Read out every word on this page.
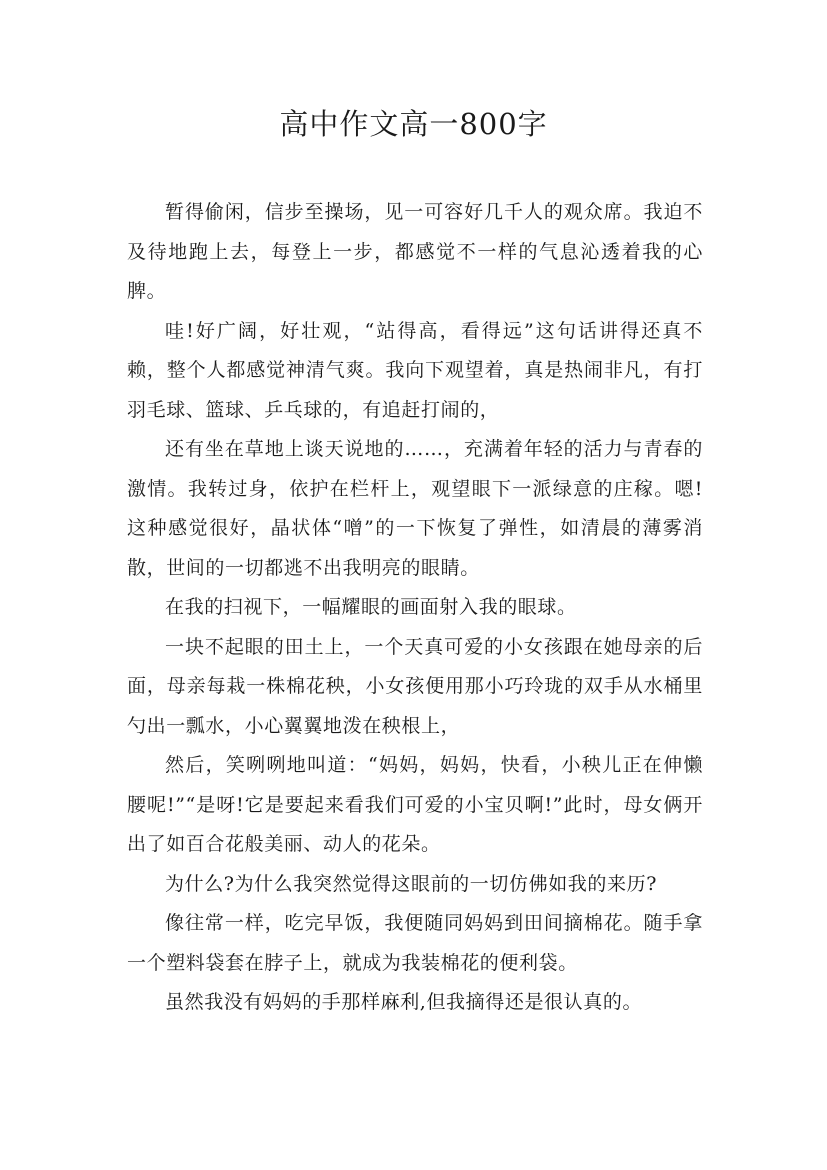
高中作文高一800字

暂得偷闲，信步至操场，见一可容好几千人的观众席。我迫不及待地跑上去，每登上一步，都感觉不一样的气息沁透着我的心脾。

哇!好广阔，好壮观，“站得高，看得远”这句话讲得还真不赖，整个人都感觉神清气爽。我向下观望着，真是热闹非凡，有打羽毛球、篮球、乒乓球的，有追赶打闹的，

还有坐在草地上谈天说地的……，充满着年轻的活力与青春的激情。我转过身，依护在栏杆上，观望眼下一派绿意的庄稼。嗯!这种感觉很好，晶状体“噌”的一下恢复了弹性，如清晨的薄雾消散，世间的一切都逃不出我明亮的眼睛。

在我的扫视下，一幅耀眼的画面射入我的眼球。

一块不起眼的田土上，一个天真可爱的小女孩跟在她母亲的后面，母亲每栽一株棉花秧，小女孩便用那小巧玲珑的双手从水桶里勺出一瓢水，小心翼翼地泼在秧根上，

然后，笑咧咧地叫道：“妈妈，妈妈，快看，小秧儿正在伸懒腰呢!”“是呀!它是要起来看我们可爱的小宝贝啊!”此时，母女俩开出了如百合花般美丽、动人的花朵。

为什么?为什么我突然觉得这眼前的一切仿佛如我的来历?

像往常一样，吃完早饭，我便随同妈妈到田间摘棉花。随手拿一个塑料袋套在脖子上，就成为我装棉花的便利袋。

虽然我没有妈妈的手那样麻利,但我摘得还是很认真的。
